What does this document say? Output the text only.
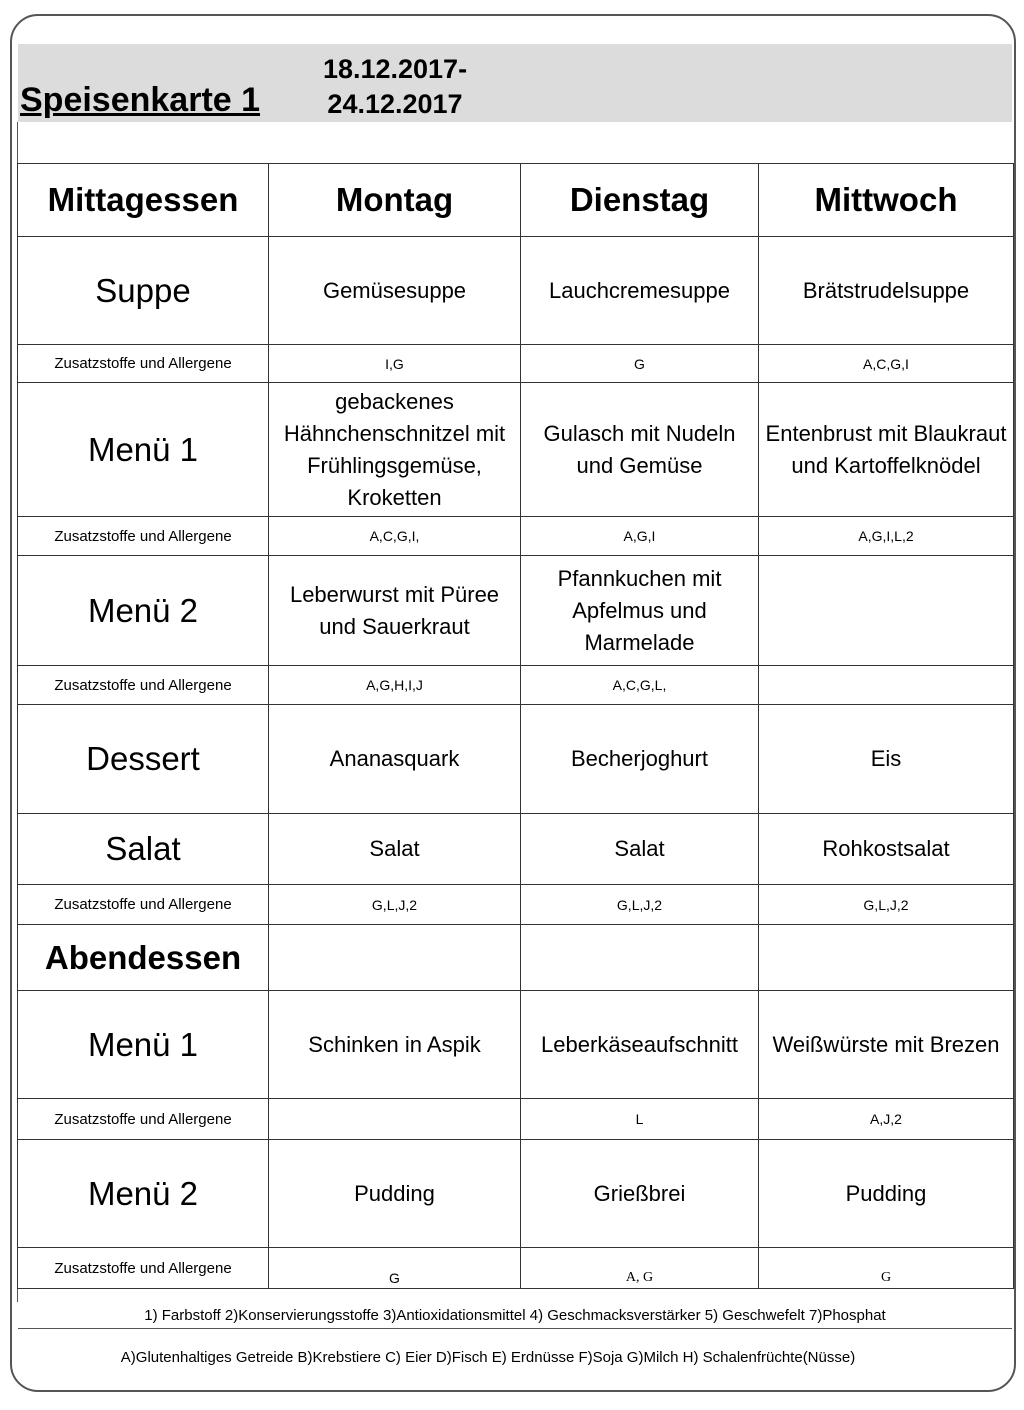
Speisenkarte 1
18.12.2017-
24.12.2017
Mittagessen	Montag	Dienstag	Mittwoch
Suppe	Gemüsesuppe	Lauchcremesuppe	Brätstrudelsuppe
Zusatzstoffe und Allergene	I,G	G	A,C,G,I
Menü 1	gebackenes Hähnchenschnitzel mit Frühlingsgemüse, Kroketten	Gulasch mit Nudeln und Gemüse	Entenbrust mit Blaukraut und Kartoffelknödel
Zusatzstoffe und Allergene	A,C,G,I,	A,G,I	A,G,I,L,2
Menü 2	Leberwurst mit Püree und Sauerkraut	Pfannkuchen mit Apfelmus und Marmelade	
Zusatzstoffe und Allergene	A,G,H,I,J	A,C,G,L,	
Dessert	Ananasquark	Becherjoghurt	Eis
Salat	Salat	Salat	Rohkostsalat
Zusatzstoffe und Allergene	G,L,J,2	G,L,J,2	G,L,J,2
Abendessen			
Menü 1	Schinken in Aspik	Leberkäseaufschnitt	Weißwürste mit Brezen
Zusatzstoffe und Allergene		L	A,J,2
Menü 2	Pudding	Grießbrei	Pudding
Zusatzstoffe und Allergene	G	A, G	G
1) Farbstoff 2)Konservierungsstoffe 3)Antioxidationsmittel 4) Geschmacksverstärker 5) Geschwefelt 7)Phosphat
A)Glutenhaltiges Getreide B)Krebstiere C) Eier D)Fisch E) Erdnüsse F)Soja G)Milch H) Schalenfrüchte(Nüsse)
